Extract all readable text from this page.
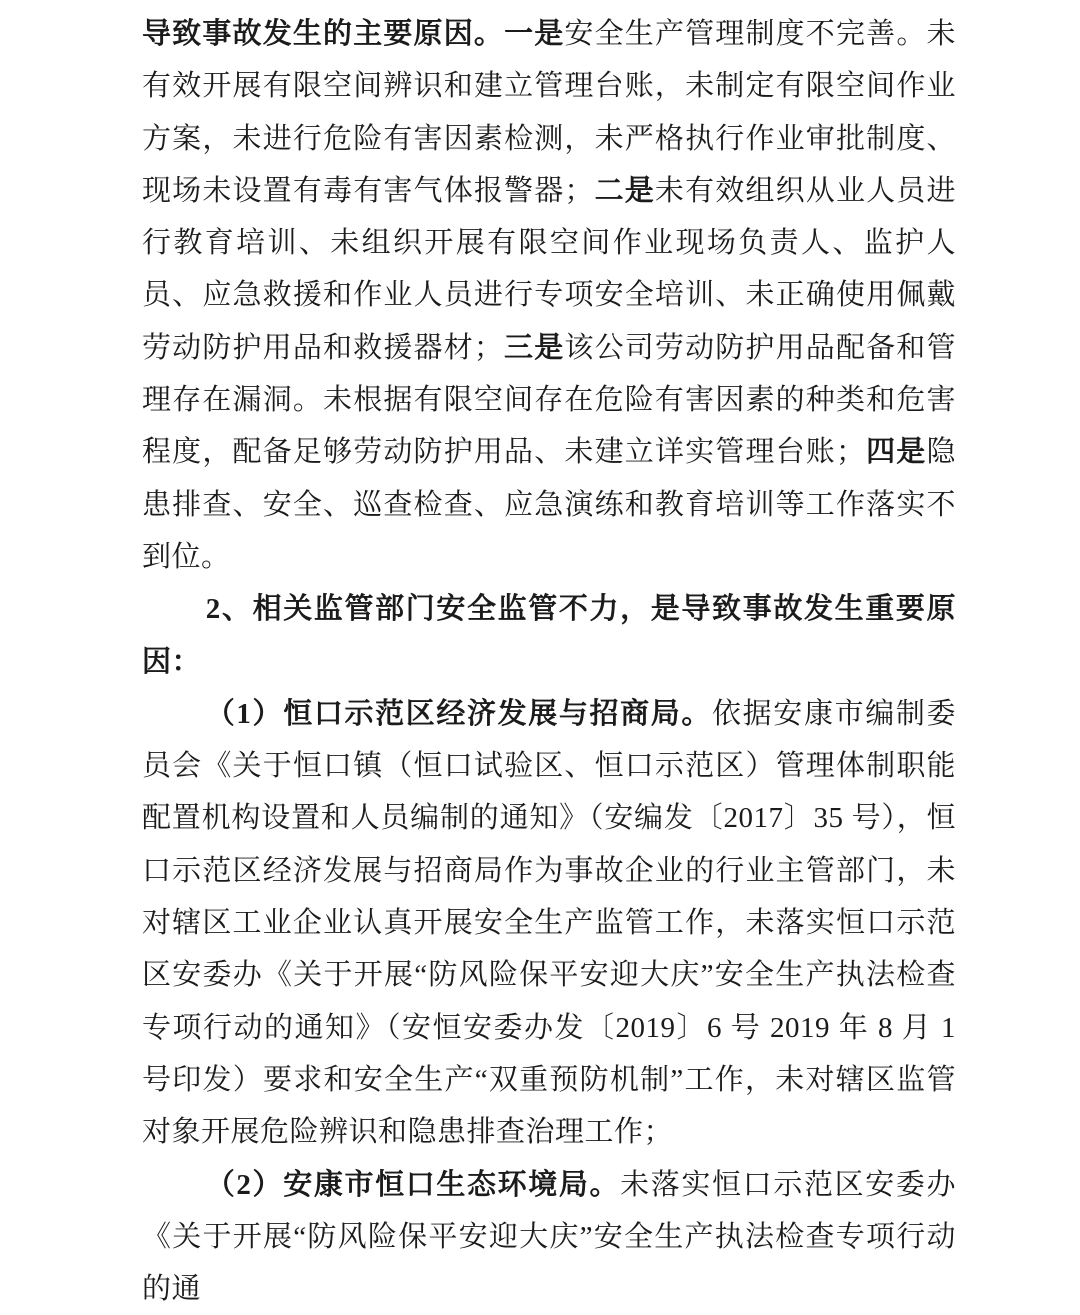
导致事故发生的主要原因。一是安全生产管理制度不完善。未有效开展有限空间辨识和建立管理台账，未制定有限空间作业方案，未进行危险有害因素检测，未严格执行作业审批制度、现场未设置有毒有害气体报警器；二是未有效组织从业人员进行教育培训、未组织开展有限空间作业现场负责人、监护人员、应急救援和作业人员进行专项安全培训、未正确使用佩戴劳动防护用品和救援器材；三是该公司劳动防护用品配备和管理存在漏洞。未根据有限空间存在危险有害因素的种类和危害程度，配备足够劳动防护用品、未建立详实管理台账；四是隐患排查、安全、巡查检查、应急演练和教育培训等工作落实不到位。

2、相关监管部门安全监管不力，是导致事故发生重要原因：

（1）恒口示范区经济发展与招商局。依据安康市编制委员会《关于恒口镇（恒口试验区、恒口示范区）管理体制职能配置机构设置和人员编制的通知》（安编发〔2017〕35 号），恒口示范区经济发展与招商局作为事故企业的行业主管部门，未对辖区工业企业认真开展安全生产监管工作，未落实恒口示范区安委办《关于开展“防风险保平安迎大庆”安全生产执法检查专项行动的通知》（安恒安委办发〔2019〕6 号 2019 年 8 月 1 号印发）要求和安全生产“双重预防机制”工作，未对辖区监管对象开展危险辨识和隐患排查治理工作；

（2）安康市恒口生态环境局。未落实恒口示范区安委办《关于开展“防风险保平安迎大庆”安全生产执法检查专项行动的通
